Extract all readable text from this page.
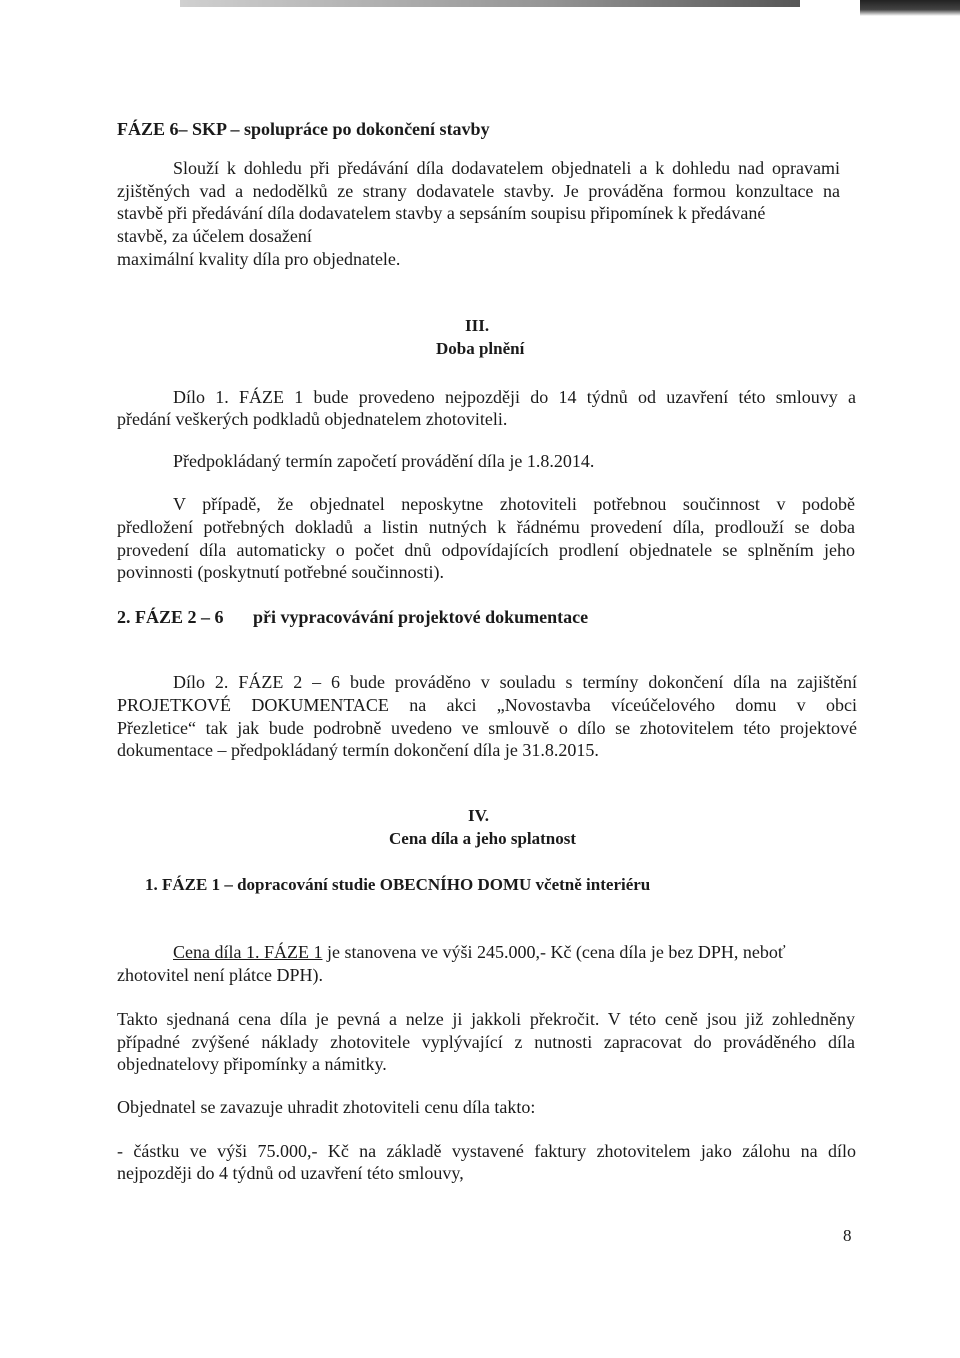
FÁZE 6– SKP – spolupráce po dokončení stavby

Slouží k dohledu při předávání díla dodavatelem objednateli a k dohledu nad opravami

zjištěných vad a nedodělků ze strany dodavatele stavby. Je prováděna formou konzultace na

stavbě při předávání díla dodavatelem stavby a sepsáním soupisu připomínek k předávané

stavbě, za účelem dosažení

maximální kvality díla pro objednatele.

III.

Doba plnění

Dílo 1. FÁZE 1 bude provedeno nejpozději do 14 týdnů od uzavření této smlouvy a

předání veškerých podkladů objednatelem zhotoviteli.

Předpokládaný termín započetí provádění díla je 1.8.2014.

V případě, že objednatel neposkytne zhotoviteli potřebnou součinnost v podobě

předložení potřebných dokladů a listin nutných k řádnému provedení díla, prodlouží se doba

provedení díla automaticky o počet dnů odpovídajících prodlení objednatele se splněním jeho

povinnosti (poskytnutí potřebné součinnosti).

2. FÁZE 2 – 6 při vypracovávání projektové dokumentace

Dílo 2. FÁZE 2 – 6 bude prováděno v souladu s termíny dokončení díla na zajištění

PROJETKOVÉ DOKUMENTACE na akci „Novostavba víceúčelového domu v obci

Přezletice“ tak jak bude podrobně uvedeno ve smlouvě o dílo se zhotovitelem této projektové

dokumentace – předpokládaný termín dokončení díla je 31.8.2015.

IV.

Cena díla a jeho splatnost

1. FÁZE 1 – dopracování studie OBECNÍHO DOMU včetně interiéru

Cena díla 1. FÁZE 1 je stanovena ve výši 245.000,- Kč (cena díla je bez DPH, neboť

zhotovitel není plátce DPH).

Takto sjednaná cena díla je pevná a nelze ji jakkoli překročit. V této ceně jsou již zohledněny

případné zvýšené náklady zhotovitele vyplývající z nutnosti zapracovat do prováděného díla

objednatelovy připomínky a námitky.

Objednatel se zavazuje uhradit zhotoviteli cenu díla takto:

- částku ve výši 75.000,- Kč na základě vystavené faktury zhotovitelem jako zálohu na dílo

nejpozději do 4 týdnů od uzavření této smlouvy,

8
